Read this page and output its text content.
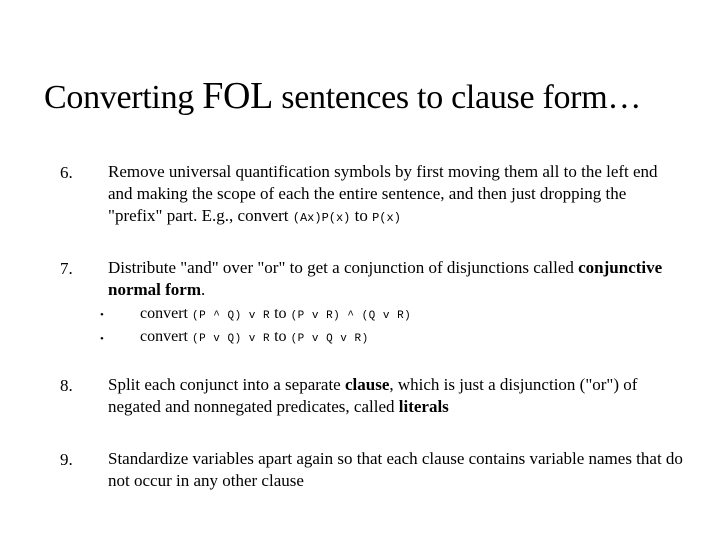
Converting FOL sentences to clause form…
6. Remove universal quantification symbols by first moving them all to the left end and making the scope of each the entire sentence, and then just dropping the "prefix" part. E.g., convert (Ax)P(x) to P(x)
7. Distribute "and" over "or" to get a conjunction of disjunctions called conjunctive normal form.
• convert (P ^ Q) v R to (P v R) ^ (Q v R)
• convert (P v Q) v R to (P v Q v R)
8. Split each conjunct into a separate clause, which is just a disjunction ("or") of negated and nonnegated predicates, called literals
9. Standardize variables apart again so that each clause contains variable names that do not occur in any other clause
